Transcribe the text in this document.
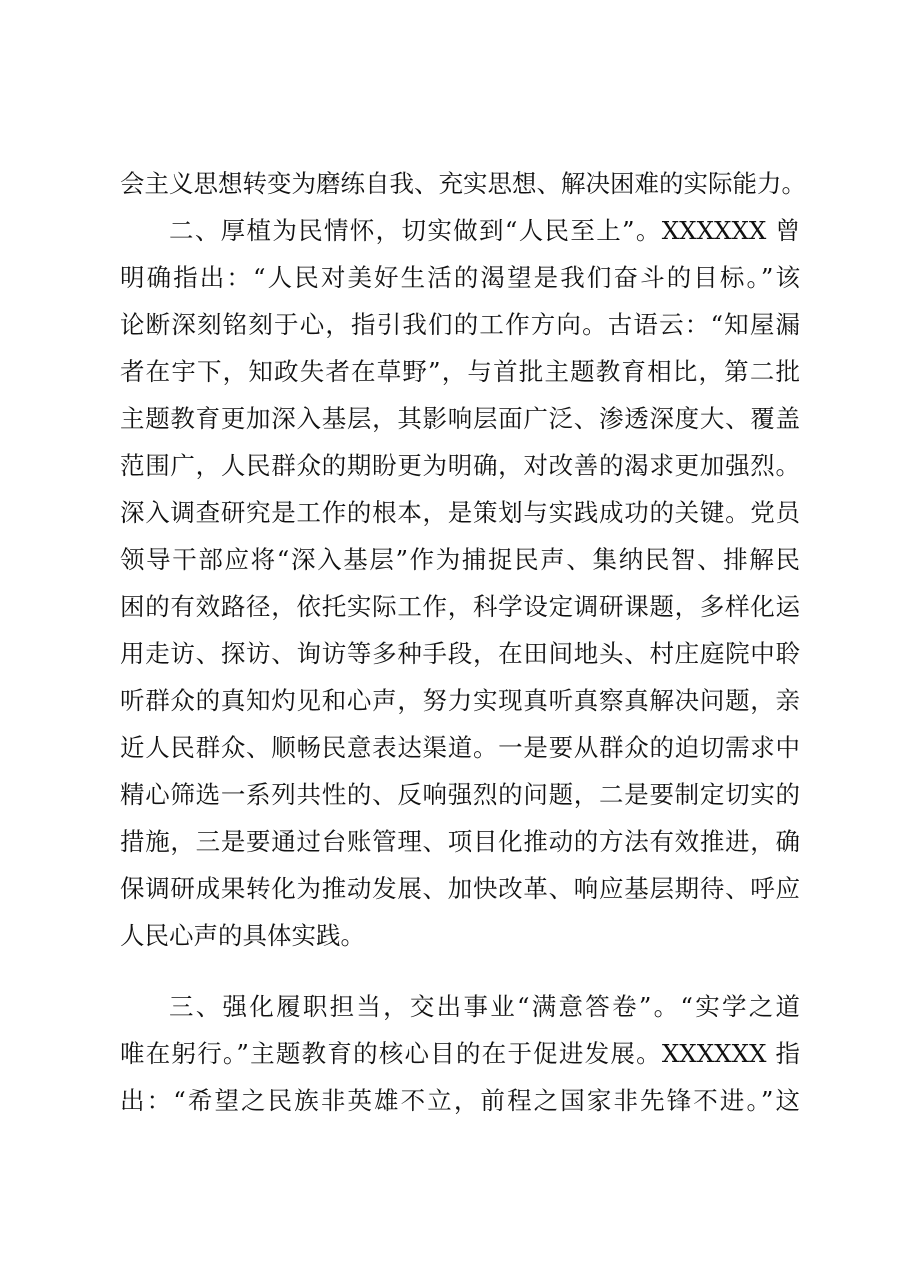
会主义思想转变为磨练自我、充实思想、解决困难的实际能力。
二、厚植为民情怀，切实做到“人民至上”。XXXXXX 曾
明确指出：“人民对美好生活的渴望是我们奋斗的目标。”该
论断深刻铭刻于心，指引我们的工作方向。古语云：“知屋漏
者在宇下，知政失者在草野”，与首批主题教育相比，第二批
主题教育更加深入基层，其影响层面广泛、渗透深度大、覆盖
范围广，人民群众的期盼更为明确，对改善的渴求更加强烈。
深入调查研究是工作的根本，是策划与实践成功的关键。党员
领导干部应将“深入基层”作为捕捉民声、集纳民智、排解民
困的有效路径，依托实际工作，科学设定调研课题，多样化运
用走访、探访、询访等多种手段，在田间地头、村庄庭院中聆
听群众的真知灼见和心声，努力实现真听真察真解决问题，亲
近人民群众、顺畅民意表达渠道。一是要从群众的迫切需求中
精心筛选一系列共性的、反响强烈的问题，二是要制定切实的
措施，三是要通过台账管理、项目化推动的方法有效推进，确
保调研成果转化为推动发展、加快改革、响应基层期待、呼应
人民心声的具体实践。
三、强化履职担当，交出事业“满意答卷”。“实学之道
唯在躬行。”主题教育的核心目的在于促进发展。XXXXXX 指
出：“希望之民族非英雄不立，前程之国家非先锋不进。”这
